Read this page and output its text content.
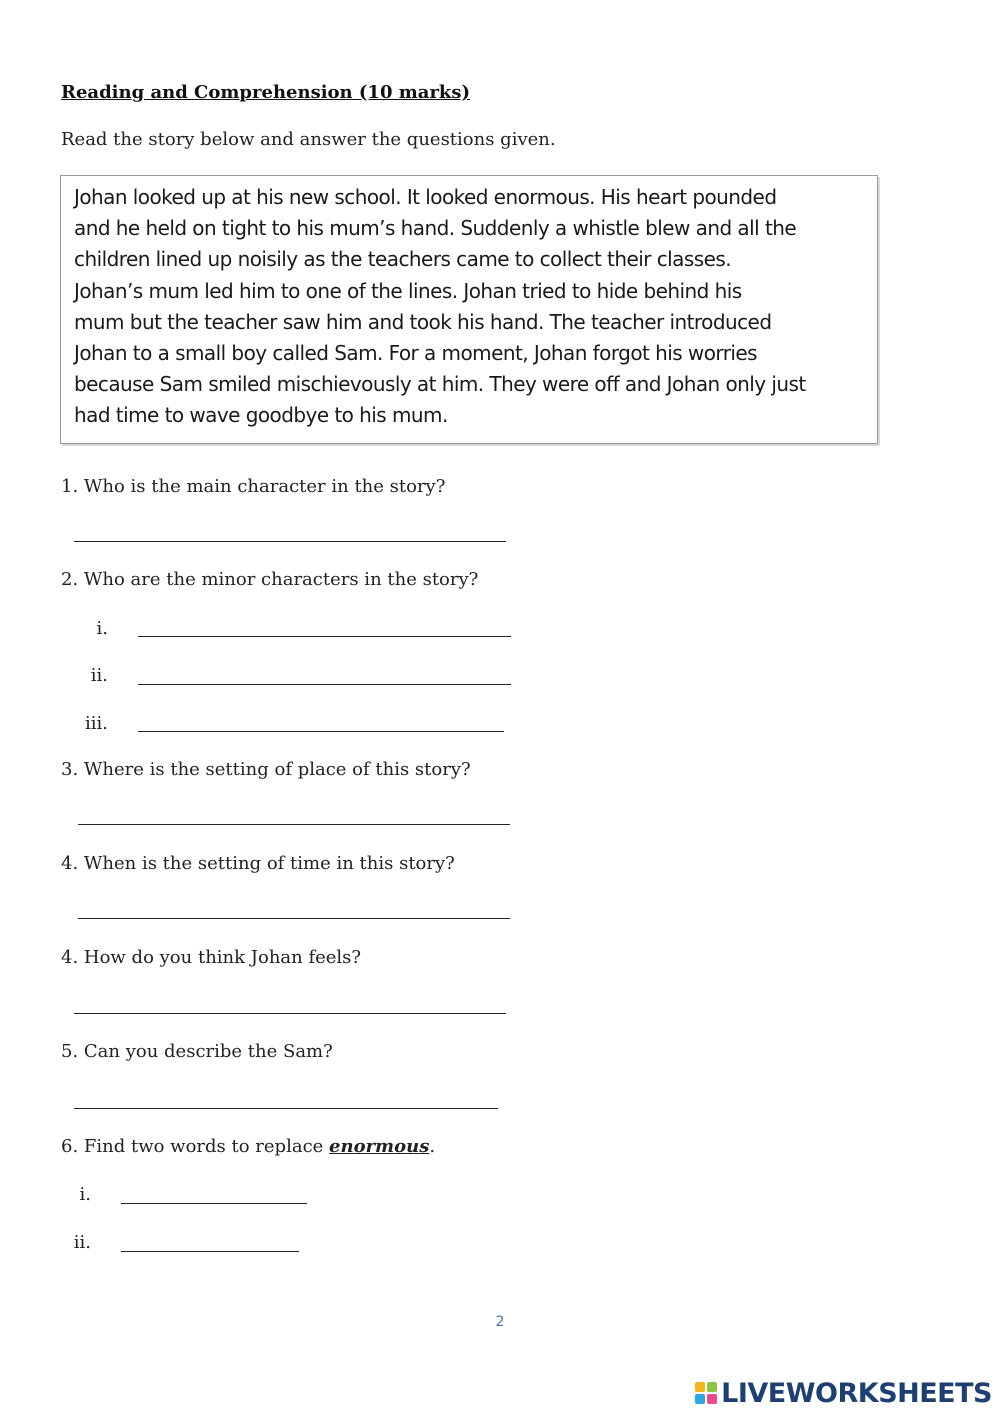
Reading and Comprehension (10 marks)
Read the story below and answer the questions given.

Johan looked up at his new school. It looked enormous. His heart pounded
and he held on tight to his mum’s hand. Suddenly a whistle blew and all the
children lined up noisily as the teachers came to collect their classes.
Johan’s mum led him to one of the lines. Johan tried to hide behind his
mum but the teacher saw him and took his hand. The teacher introduced
Johan to a small boy called Sam. For a moment, Johan forgot his worries
because Sam smiled mischievously at him. They were off and Johan only just
had time to wave goodbye to his mum.

1. Who is the main character in the story?
2. Who are the minor characters in the story?
i.
ii.
iii.
3. Where is the setting of place of this story?
4. When is the setting of time in this story?
4. How do you think Johan feels?
5. Can you describe the Sam?
6. Find two words to replace enormous.
i.
ii.
2
LIVEWORKSHEETS
